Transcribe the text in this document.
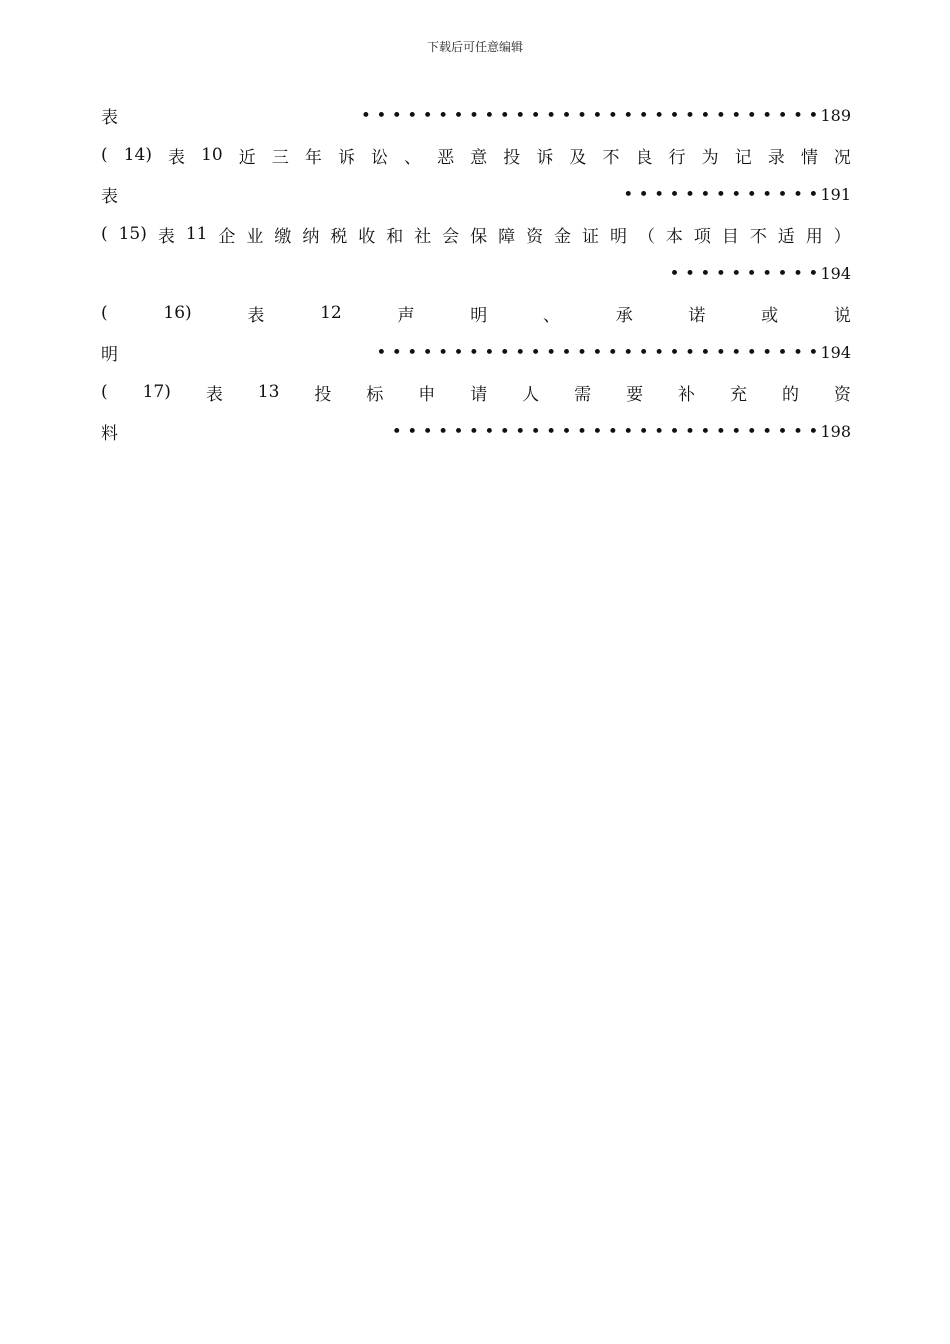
下载后可任意编辑
表	• • • • • • • • • • • • • • • • • • • • • • • • • • • • • • 189
( 14) 表 10 近 三 年 诉 讼 、 恶 意 投 诉 及 不 良 行 为 记 录 情 况
表	• • • • • • • • • • • • • 191
( 15) 表 11 企 业 缴 纳 税 收 和 社 会 保 障 资 金 证 明 （ 本 项 目 不 适 用 ）
• • • • • • • • • • 194
(	16)	表	12	声	明	、	承	诺	或	说
明	• • • • • • • • • • • • • • • • • • • • • • • • • • • • • 194
( 17) 表 13 投 标 申 请 人 需 要 补 充 的 资
料	• • • • • • • • • • • • • • • • • • • • • • • • • • • • 198
